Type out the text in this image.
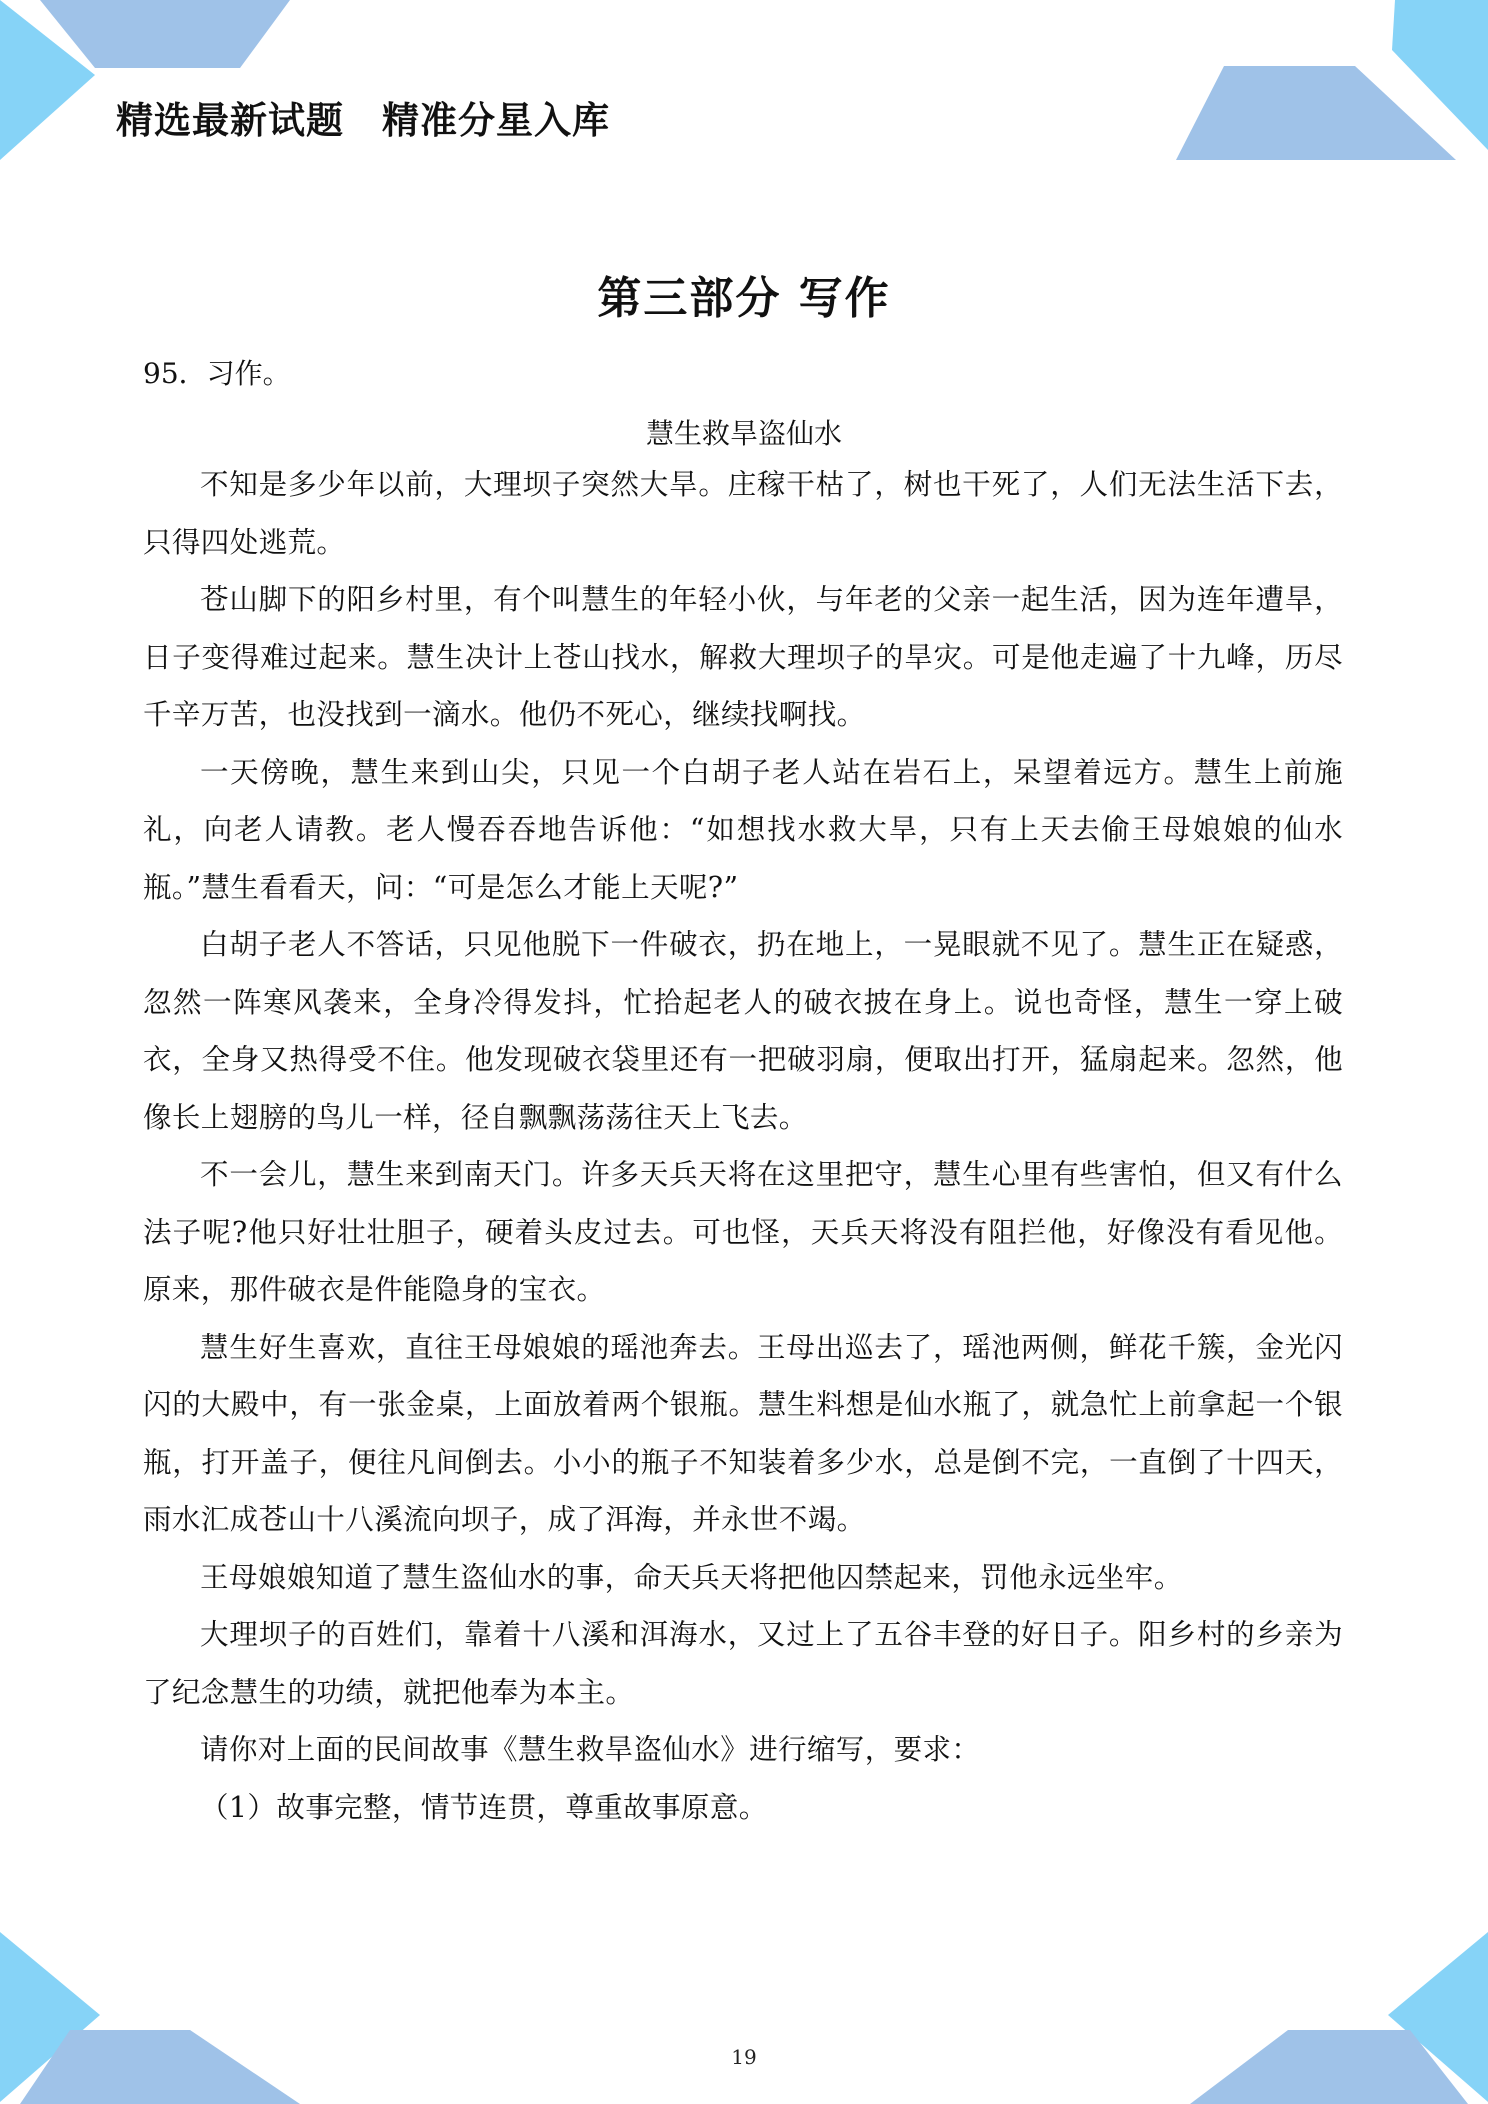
精选最新试题　精准分星入库
第三部分 写作
95．习作。
慧生救旱盗仙水

不知是多少年以前，大理坝子突然大旱。庄稼干枯了，树也干死了，人们无法生活下去，只得四处逃荒。

苍山脚下的阳乡村里，有个叫慧生的年轻小伙，与年老的父亲一起生活，因为连年遭旱，日子变得难过起来。慧生决计上苍山找水，解救大理坝子的旱灾。可是他走遍了十九峰，历尽千辛万苦，也没找到一滴水。他仍不死心，继续找啊找。

一天傍晚，慧生来到山尖，只见一个白胡子老人站在岩石上，呆望着远方。慧生上前施礼，向老人请教。老人慢吞吞地告诉他：“如想找水救大旱，只有上天去偷王母娘娘的仙水瓶。”慧生看看天，问：“可是怎么才能上天呢?”

白胡子老人不答话，只见他脱下一件破衣，扔在地上，一晃眼就不见了。慧生正在疑惑，忽然一阵寒风袭来，全身冷得发抖，忙拾起老人的破衣披在身上。说也奇怪，慧生一穿上破衣，全身又热得受不住。他发现破衣袋里还有一把破羽扇，便取出打开，猛扇起来。忽然，他像长上翅膀的鸟儿一样，径自飘飘荡荡往天上飞去。

不一会儿，慧生来到南天门。许多天兵天将在这里把守，慧生心里有些害怕，但又有什么法子呢?他只好壮壮胆子，硬着头皮过去。可也怪，天兵天将没有阻拦他，好像没有看见他。原来，那件破衣是件能隐身的宝衣。

慧生好生喜欢，直往王母娘娘的瑶池奔去。王母出巡去了，瑶池两侧，鲜花千簇，金光闪闪的大殿中，有一张金桌，上面放着两个银瓶。慧生料想是仙水瓶了，就急忙上前拿起一个银瓶，打开盖子，便往凡间倒去。小小的瓶子不知装着多少水，总是倒不完，一直倒了十四天，雨水汇成苍山十八溪流向坝子，成了洱海，并永世不竭。

王母娘娘知道了慧生盗仙水的事，命天兵天将把他囚禁起来，罚他永远坐牢。

大理坝子的百姓们，靠着十八溪和洱海水，又过上了五谷丰登的好日子。阳乡村的乡亲为了纪念慧生的功绩，就把他奉为本主。

请你对上面的民间故事《慧生救旱盗仙水》进行缩写，要求：

（1）故事完整，情节连贯，尊重故事原意。

19
